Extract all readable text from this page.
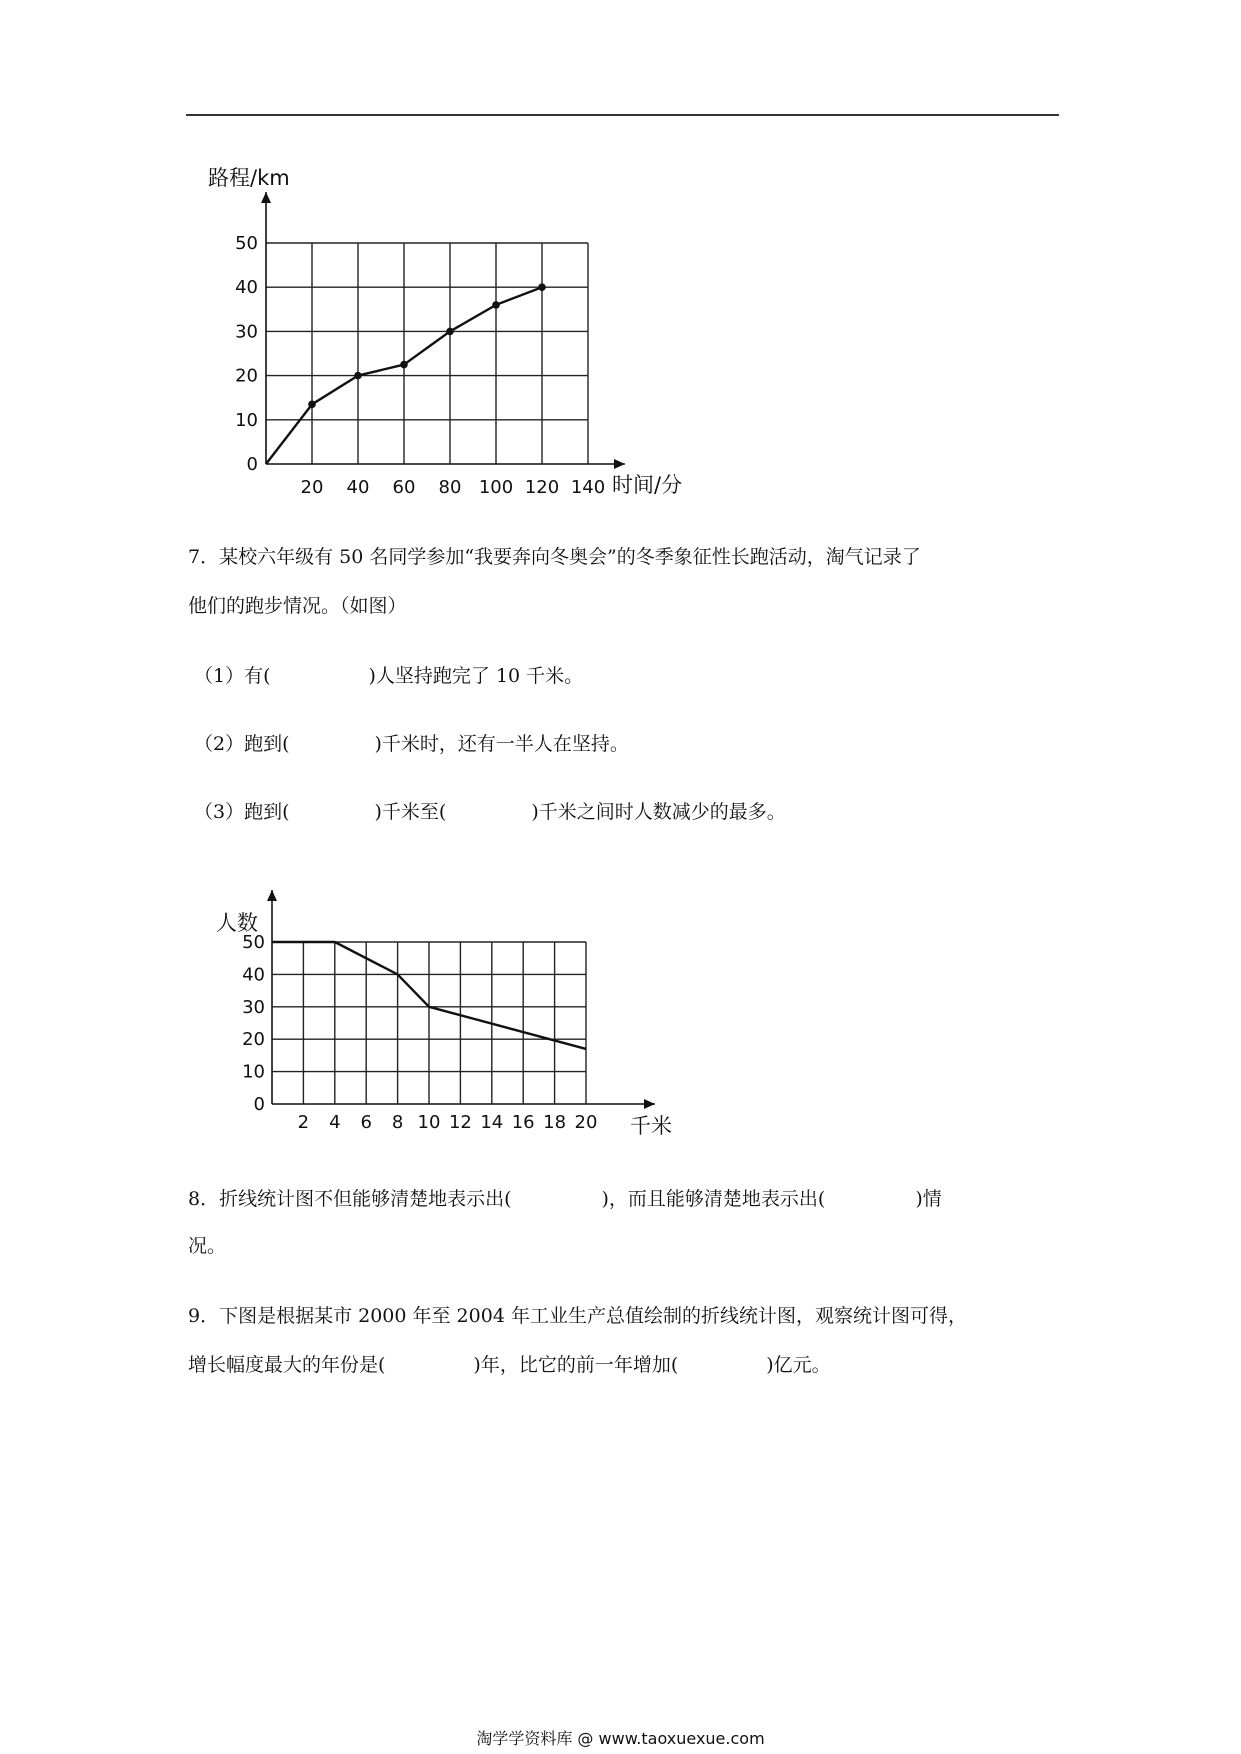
20 40 60 80 100 120 140
0
10
20
30
40
50
路程/km
时间/分
2 4 6 8 10 12 14 16 18 20
0
10
20
30
40
50
人数
千米
7．某校六年级有 50 名同学参加“我要奔向冬奥会”的冬季象征性长跑活动，淘气记录了
他们的跑步情况。（如图）
（1）有(	)人坚持跑完了 10 千米。
（2）跑到(	)千米时，还有一半人在坚持。
（3）跑到(	)千米至(	)千米之间时人数减少的最多。
8．折线统计图不但能够清楚地表示出(	)，而且能够清楚地表示出(	)情
况。
9．下图是根据某市 2000 年至 2004 年工业生产总值绘制的折线统计图，观察统计图可得，
增长幅度最大的年份是(	)年，比它的前一年增加(	)亿元。
淘学学资料库 @ www.taoxuexue.com
